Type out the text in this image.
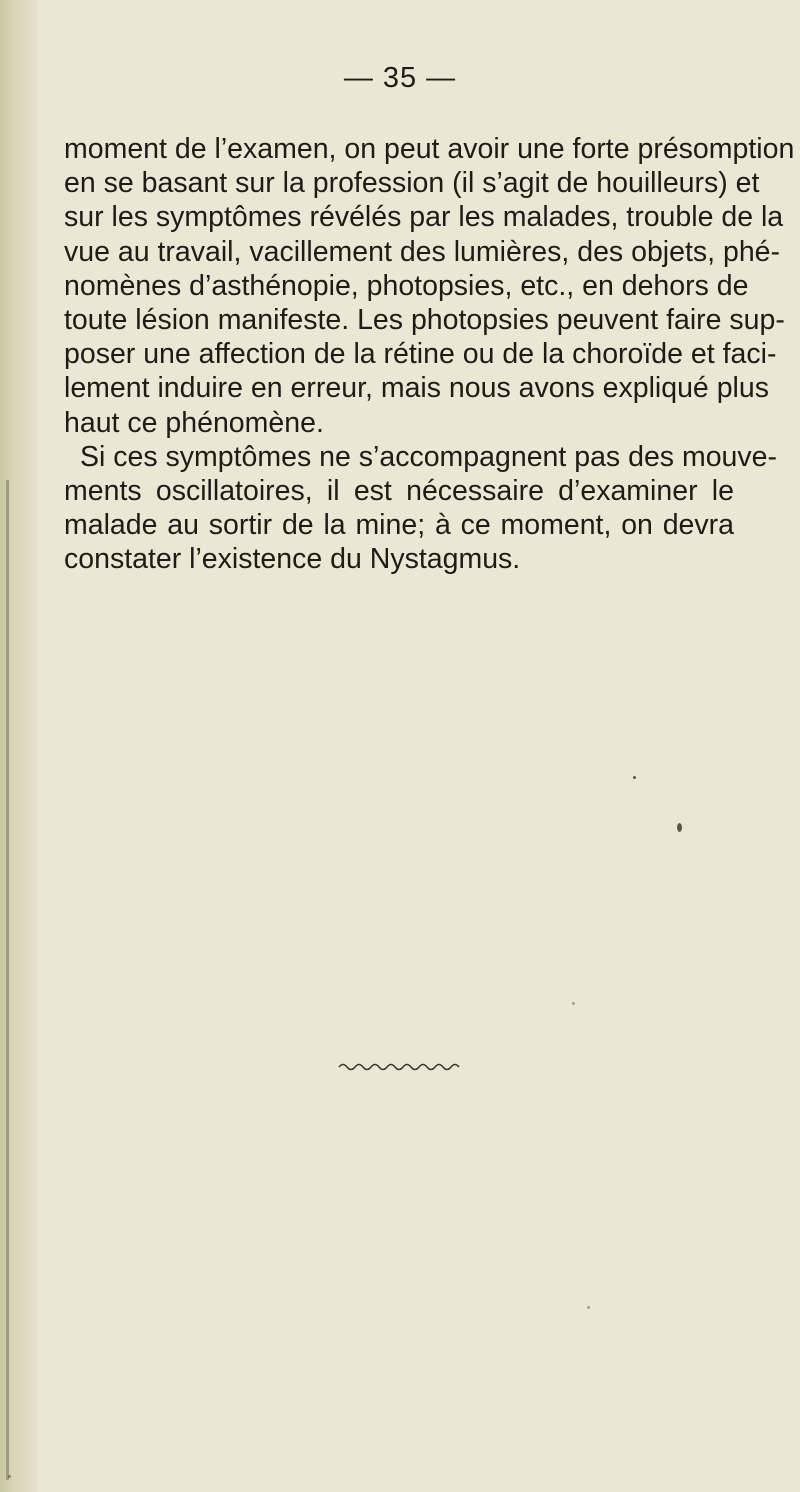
— 35 —
moment de l’examen, on peut avoir une forte présomption
en se basant sur la profession (il s’agit de houilleurs) et
sur les symptômes révélés par les malades, trouble de la
vue au travail, vacillement des lumières, des objets, phé-
nomènes d’asthénopie, photopsies, etc., en dehors de
toute lésion manifeste. Les photopsies peuvent faire sup-
poser une affection de la rétine ou de la choroïde et faci-
lement induire en erreur, mais nous avons expliqué plus
haut ce phénomène.
Si ces symptômes ne s’accompagnent pas des mouve-
ments oscillatoires, il est nécessaire d’examiner le
malade au sortir de la mine; à ce moment, on devra
constater l’existence du Nystagmus.
